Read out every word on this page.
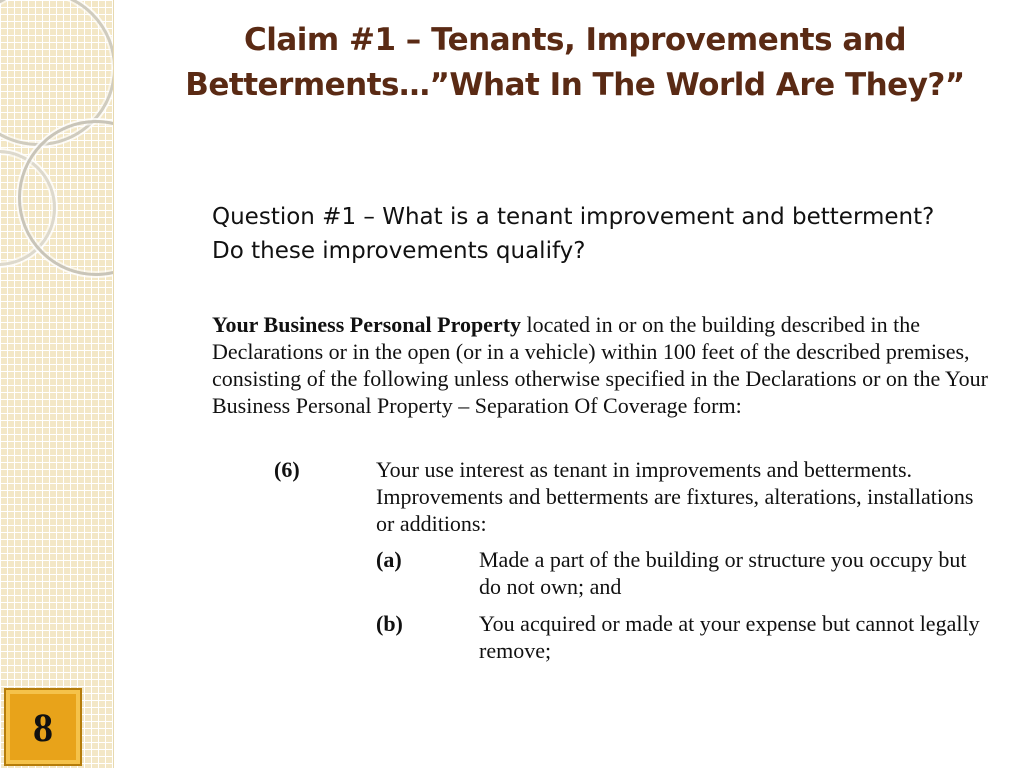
8
Claim #1 – Tenants, Improvements and Betterments…”What In The World Are They?”

Question #1 – What is a tenant improvement and betterment? Do these improvements qualify?

Your Business Personal Property located in or on the building described in the Declarations or in the open (or in a vehicle) within 100 feet of the described premises, consisting of the following unless otherwise specified in the Declarations or on the Your Business Personal Property – Separation Of Coverage form:

(6)	Your use interest as tenant in improvements and betterments. Improvements and betterments are fixtures, alterations, installations or additions:
(a)	Made a part of the building or structure you occupy but do not own; and
(b)	You acquired or made at your expense but cannot legally remove;
